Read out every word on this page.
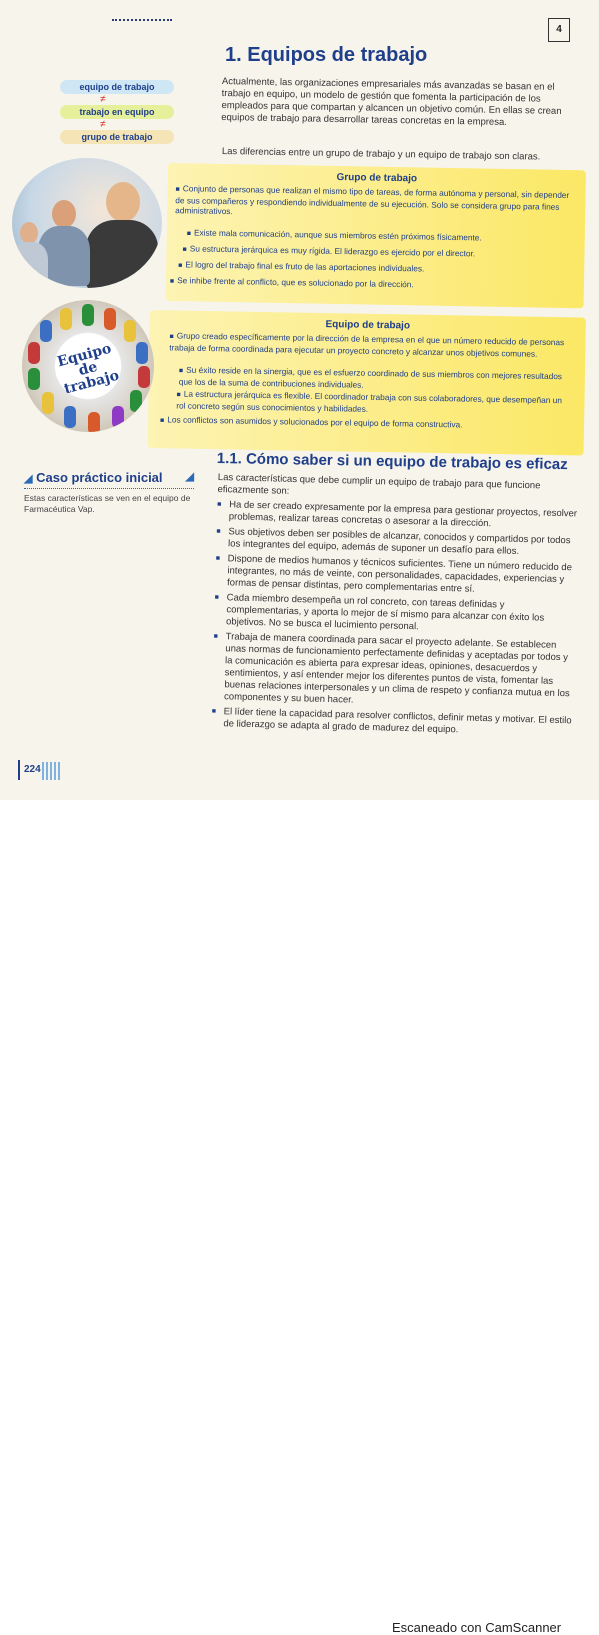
4
1. Equipos de trabajo
equipo de trabajo
≠
trabajo en equipo
≠
grupo de trabajo
Actualmente, las organizaciones empresariales más avanzadas se basan en el trabajo en equipo, un modelo de gestión que fomenta la participación de los empleados para que compartan y alcancen un objetivo común. En ellas se crean equipos de trabajo para desarrollar tareas concretas en la empresa.
Las diferencias entre un grupo de trabajo y un equipo de trabajo son claras.
Grupo de trabajo
■ Conjunto de personas que realizan el mismo tipo de tareas, de forma autónoma y personal, sin depender de sus compañeros y respondiendo individualmente de su ejecución. Solo se considera grupo para fines administrativos.
■ Existe mala comunicación, aunque sus miembros estén próximos físicamente.
■ Su estructura jerárquica es muy rígida. El liderazgo es ejercido por el director.
■ El logro del trabajo final es fruto de las aportaciones individuales.
■ Se inhibe frente al conflicto, que es solucionado por la dirección.
Equipo de trabajo
■ Grupo creado específicamente por la dirección de la empresa en el que un número reducido de personas trabaja de forma coordinada para ejecutar un proyecto concreto y alcanzar unos objetivos comunes.
■ Su éxito reside en la sinergia, que es el esfuerzo coordinado de sus miembros con mejores resultados que los de la suma de contribuciones individuales.
■ La estructura jerárquica es flexible. El coordinador trabaja con sus colaboradores, que desempeñan un rol concreto según sus conocimientos y habilidades.
■ Los conflictos son asumidos y solucionados por el equipo de forma constructiva.
Equipo de trabajo
1.1. Cómo saber si un equipo de trabajo es eficaz
◢ Caso práctico inicial ◢
Estas características se ven en el equipo de Farmacéutica Vap.
Las características que debe cumplir un equipo de trabajo para que funcione eficazmente son:
■ Ha de ser creado expresamente por la empresa para gestionar proyectos, resolver problemas, realizar tareas concretas o asesorar a la dirección.
■ Sus objetivos deben ser posibles de alcanzar, conocidos y compartidos por todos los integrantes del equipo, además de suponer un desafío para ellos.
■ Dispone de medios humanos y técnicos suficientes. Tiene un número reducido de integrantes, no más de veinte, con personalidades, capacidades, experiencias y formas de pensar distintas, pero complementarias entre sí.
■ Cada miembro desempeña un rol concreto, con tareas definidas y complementarias, y aporta lo mejor de sí mismo para alcanzar con éxito los objetivos. No se busca el lucimiento personal.
■ Trabaja de manera coordinada para sacar el proyecto adelante. Se establecen unas normas de funcionamiento perfectamente definidas y aceptadas por todos y la comunicación es abierta para expresar ideas, opiniones, desacuerdos y sentimientos, y así entender mejor los diferentes puntos de vista, fomentar las buenas relaciones interpersonales y un clima de respeto y confianza mutua en los componentes y su buen hacer.
■ El líder tiene la capacidad para resolver conflictos, definir metas y motivar. El estilo de liderazgo se adapta al grado de madurez del equipo.
224
Escaneado con CamScanner
